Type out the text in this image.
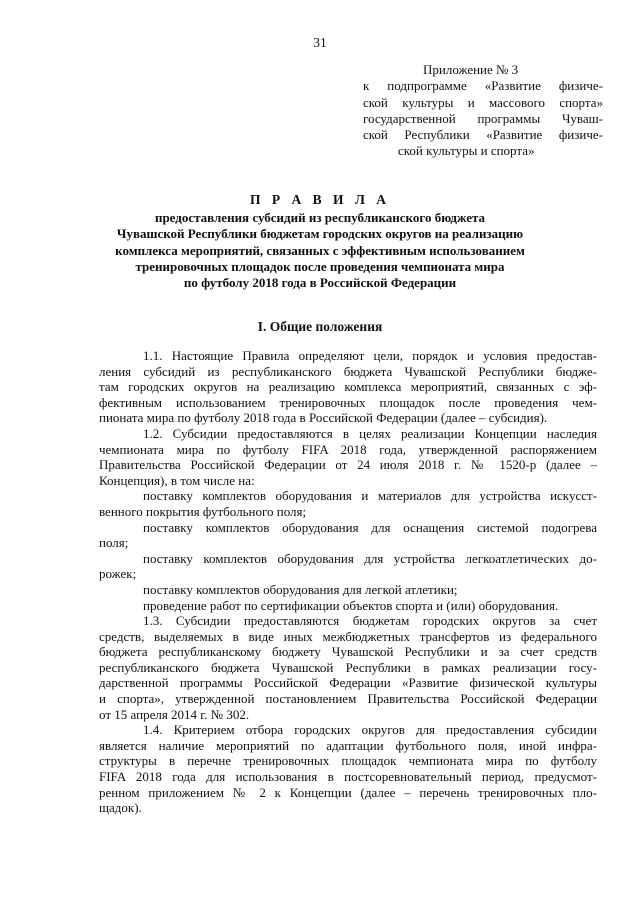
31
Приложение № 3
к подпрограмме «Развитие физиче-
ской культуры и массового спорта»
государственной программы Чуваш-
ской Республики «Развитие физиче-
ской культуры и спорта»
П Р А В И Л А
предоставления субсидий из республиканского бюджета
Чувашской Республики бюджетам городских округов на реализацию
комплекса мероприятий, связанных с эффективным использованием
тренировочных площадок после проведения чемпионата мира
по футболу 2018 года в Российской Федерации
I. Общие положения
1.1. Настоящие Правила определяют цели, порядок и условия предостав-
ления субсидий из республиканского бюджета Чувашской Республики бюдже-
там городских округов на реализацию комплекса мероприятий, связанных с эф-
фективным использованием тренировочных площадок после проведения чем-
пионата мира по футболу 2018 года в Российской Федерации (далее – субсидия).
1.2. Субсидии предоставляются в целях реализации Концепции наследия
чемпионата мира по футболу FIFA 2018 года, утвержденной распоряжением
Правительства Российской Федерации от 24 июля 2018 г. № 1520-р (далее –
Концепция), в том числе на:
поставку комплектов оборудования и материалов для устройства искусст-
венного покрытия футбольного поля;
поставку комплектов оборудования для оснащения системой подогрева
поля;
поставку комплектов оборудования для устройства легкоатлетических до-
рожек;
поставку комплектов оборудования для легкой атлетики;
проведение работ по сертификации объектов спорта и (или) оборудования.
1.3. Субсидии предоставляются бюджетам городских округов за счет
средств, выделяемых в виде иных межбюджетных трансфертов из федерального
бюджета республиканскому бюджету Чувашской Республики и за счет средств
республиканского бюджета Чувашской Республики в рамках реализации госу-
дарственной программы Российской Федерации «Развитие физической культуры
и спорта», утвержденной постановлением Правительства Российской Федерации
от 15 апреля 2014 г. № 302.
1.4. Критерием отбора городских округов для предоставления субсидии
является наличие мероприятий по адаптации футбольного поля, иной инфра-
структуры в перечне тренировочных площадок чемпионата мира по футболу
FIFA 2018 года для использования в постсоревновательный период, предусмот-
ренном приложением № 2 к Концепции (далее – перечень тренировочных пло-
щадок).
